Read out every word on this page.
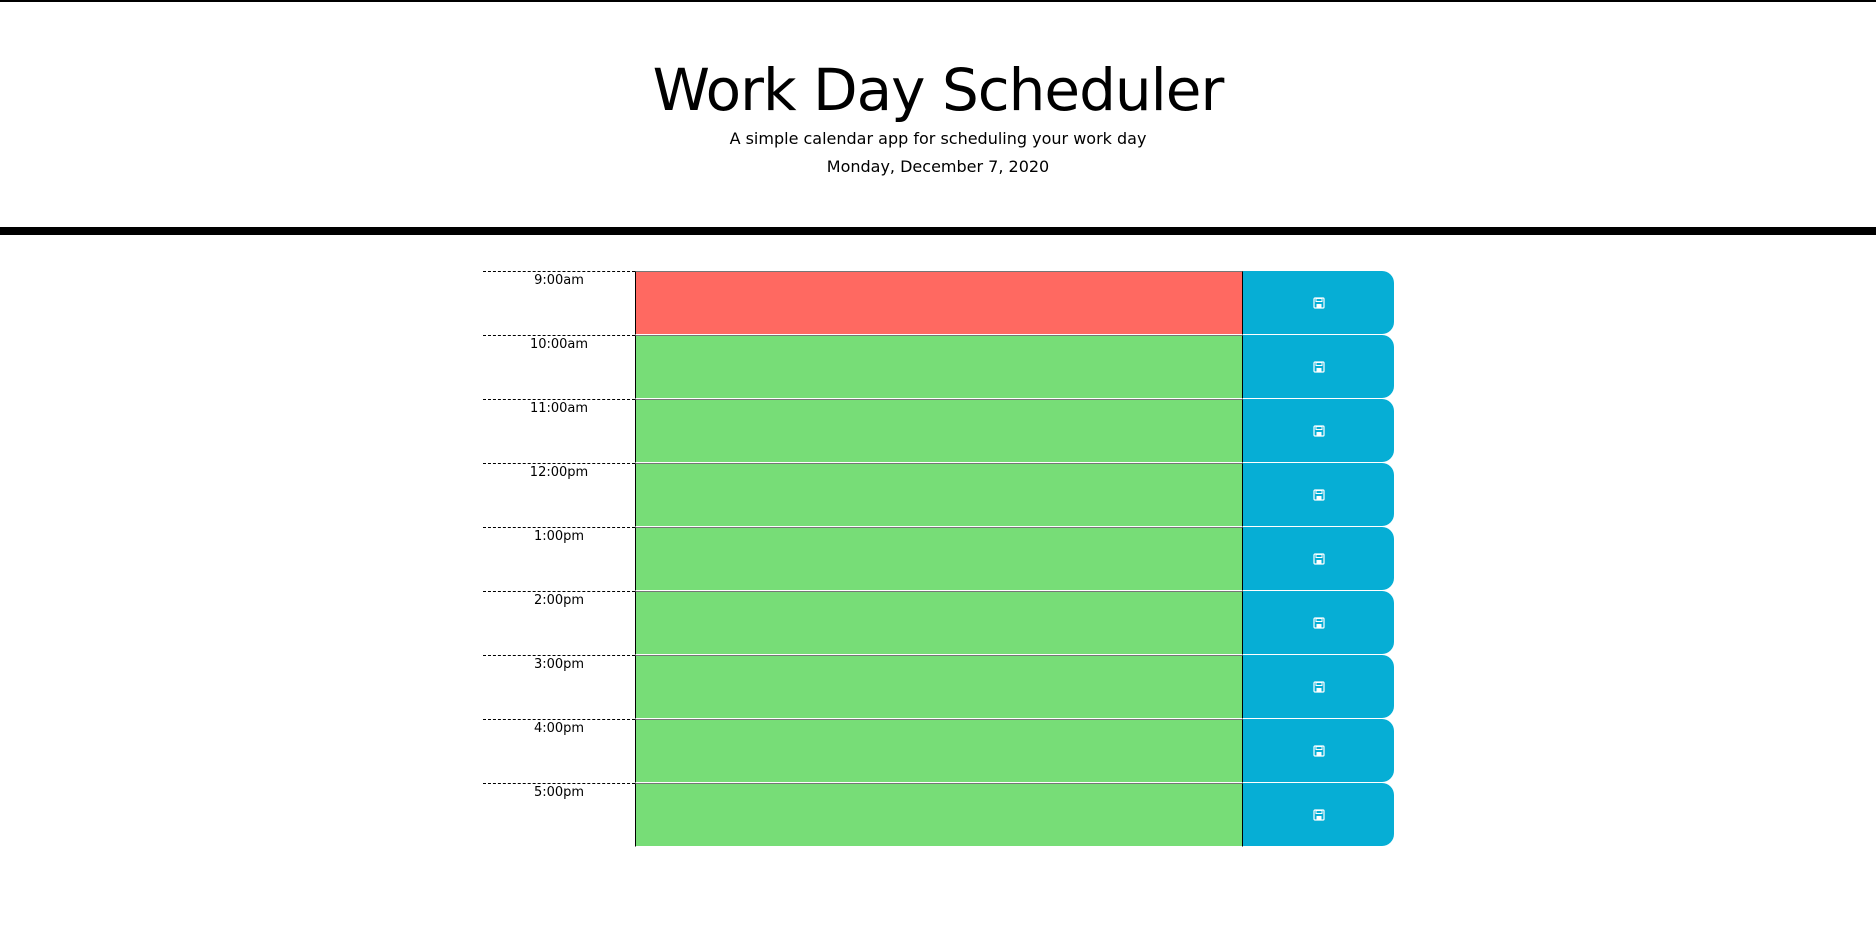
Work Day Scheduler

A simple calendar app for scheduling your work day

Monday, December 7, 2020

9:00am
10:00am
11:00am
12:00pm
1:00pm
2:00pm
3:00pm
4:00pm
5:00pm
